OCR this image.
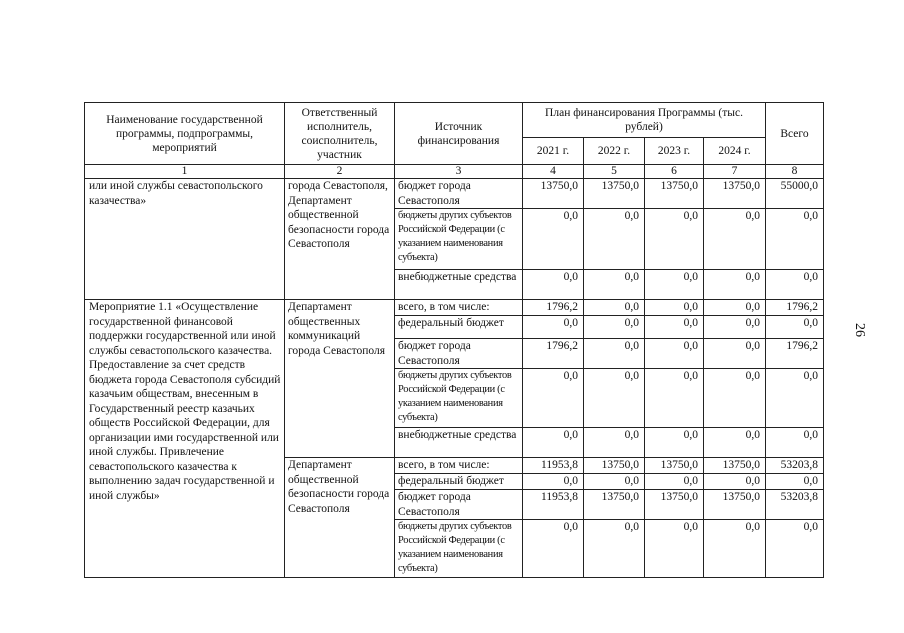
Наименование государственной программы, подпрограммы, мероприятий	Ответственный исполнитель, соисполнитель, участник	Источник финансирования	План финансирования Программы (тыс. рублей)				Всего
			2021 г.	2022 г.	2023 г.	2024 г.	
1	2	3	4	5	6	7	8
или иной службы севастопольского казачества»	города Севастополя, Департамент общественной безопасности города Севастополя	бюджет города Севастополя	13750,0	13750,0	13750,0	13750,0	55000,0
		бюджеты других субъектов Российской Федерации (с указанием наименования субъекта)	0,0	0,0	0,0	0,0	0,0
		внебюджетные средства	0,0	0,0	0,0	0,0	0,0
Мероприятие 1.1 «Осуществление государственной финансовой поддержки государственной или иной службы севастопольского казачества. Предоставление за счет средств бюджета города Севастополя субсидий казачьим обществам, внесенным в Государственный реестр казачьих обществ Российской Федерации, для организации ими государственной или иной службы. Привлечение севастопольского казачества к выполнению задач государственной и иной службы»	Департамент общественных коммуникаций города Севастополя	всего, в том числе:	1796,2	0,0	0,0	0,0	1796,2
		федеральный бюджет	0,0	0,0	0,0	0,0	0,0
		бюджет города Севастополя	1796,2	0,0	0,0	0,0	1796,2
		бюджеты других субъектов Российской Федерации (с указанием наименования субъекта)	0,0	0,0	0,0	0,0	0,0
		внебюджетные средства	0,0	0,0	0,0	0,0	0,0
	Департамент общественной безопасности города Севастополя	всего, в том числе:	11953,8	13750,0	13750,0	13750,0	53203,8
		федеральный бюджет	0,0	0,0	0,0	0,0	0,0
		бюджет города Севастополя	11953,8	13750,0	13750,0	13750,0	53203,8
		бюджеты других субъектов Российской Федерации (с указанием наименования субъекта)	0,0	0,0	0,0	0,0	0,0
26
